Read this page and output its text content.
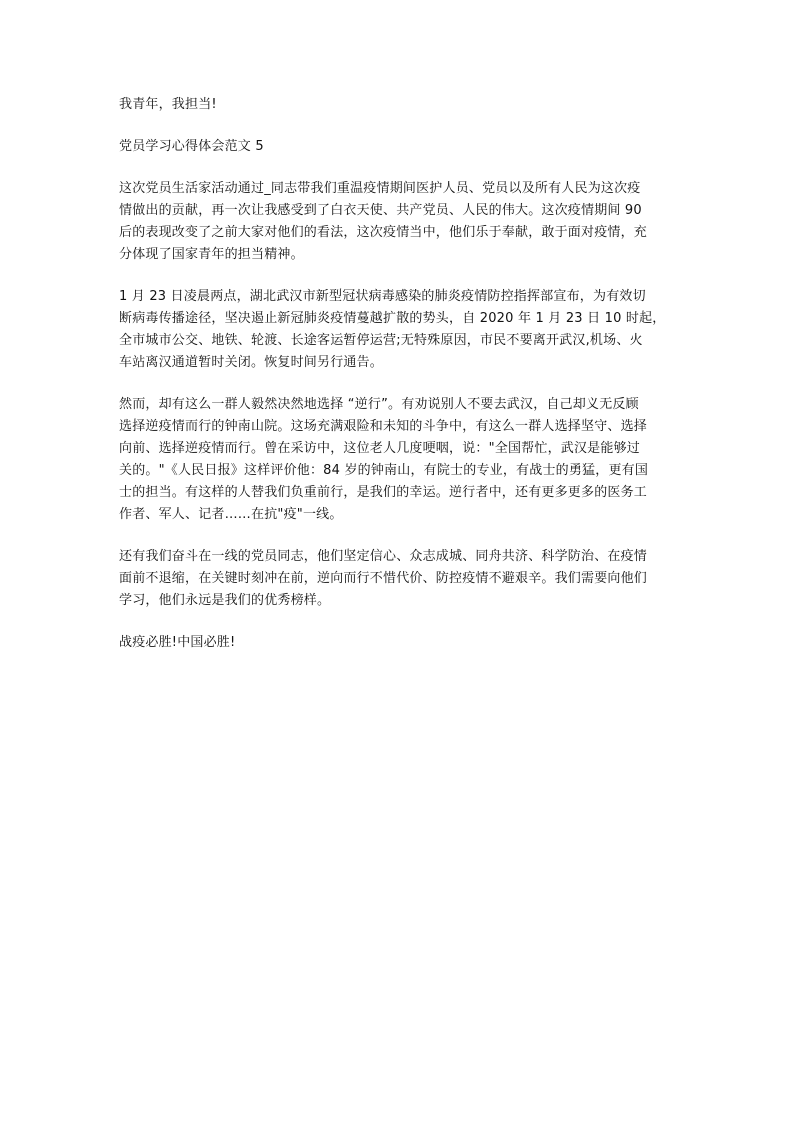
我青年，我担当!
党员学习心得体会范文 5
这次党员生活家活动通过_同志带我们重温疫情期间医护人员、党员以及所有人民为这次疫
情做出的贡献，再一次让我感受到了白衣天使、共产党员、人民的伟大。这次疫情期间 90
后的表现改变了之前大家对他们的看法，这次疫情当中，他们乐于奉献，敢于面对疫情，充
分体现了国家青年的担当精神。
1 月 23 日凌晨两点，湖北武汉市新型冠状病毒感染的肺炎疫情防控指挥部宣布，为有效切
断病毒传播途径，坚决遏止新冠肺炎疫情蔓越扩散的势头，自 2020 年 1 月 23 日 10 时起，
全市城市公交、地铁、轮渡、长途客运暂停运营;无特殊原因，市民不要离开武汉,机场、火
车站离汉通道暂时关闭。恢复时间另行通告。
然而，却有这么一群人毅然决然地选择 “逆行”。有劝说别人不要去武汉，自己却义无反顾
选择逆疫情而行的钟南山院。这场充满艰险和未知的斗争中，有这么一群人选择坚守、选择
向前、选择逆疫情而行。曾在采访中，这位老人几度哽咽，说："全国帮忙，武汉是能够过
关的。"《人民日报》这样评价他：84 岁的钟南山，有院士的专业，有战士的勇猛，更有国
士的担当。有这样的人替我们负重前行，是我们的幸运。逆行者中，还有更多更多的医务工
作者、军人、记者……在抗"疫"一线。
还有我们奋斗在一线的党员同志，他们坚定信心、众志成城、同舟共济、科学防治、在疫情
面前不退缩，在关键时刻冲在前，逆向而行不惜代价、防控疫情不避艰辛。我们需要向他们
学习，他们永远是我们的优秀榜样。
战疫必胜!中国必胜!
